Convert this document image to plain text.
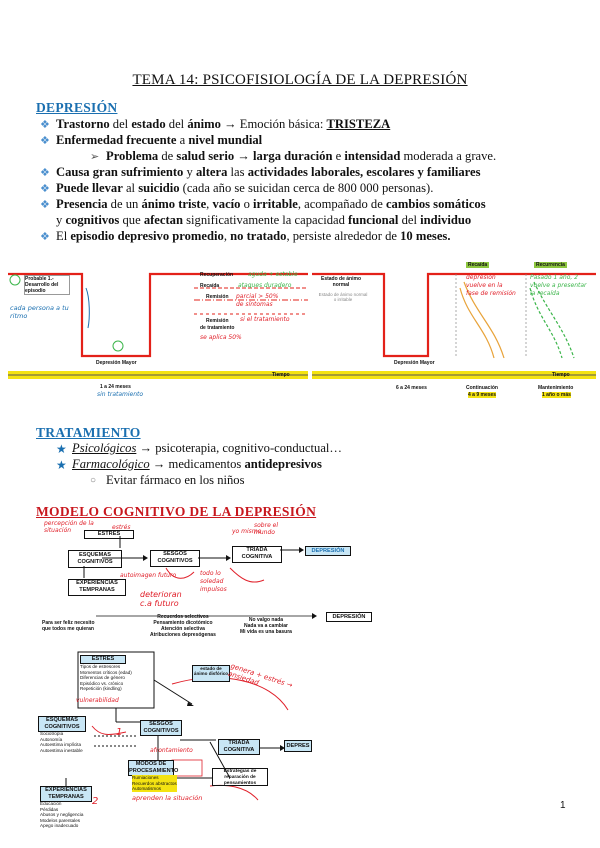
TEMA 14: PSICOFISIOLOGÍA DE LA DEPRESIÓN
DEPRESIÓN
❖ Trastorno del estado del ánimo → Emoción básica: TRISTEZA
❖ Enfermedad frecuente a nivel mundial
➢ Problema de salud serio → larga duración e intensidad moderada a grave.
❖ Causa gran sufrimiento y altera las actividades laborales, escolares y familiares
❖ Puede llevar al suicidio (cada año se suicidan cerca de 800 000 personas).
❖ Presencia de un ánimo triste, vacío o irritable, acompañado de cambios somáticos
y cognitivos que afectan significativamente la capacidad funcional del individuo
❖ El episodio depresivo promedio, no tratado, persiste alrededor de 10 meses.
Probable 1.- Desarrollo del episodio
cada persona a tu ritmo
Depresión Mayor
1 a 24 meses
sin tratamiento
Recuperación aguda + estable
Recaída	ataques duradero
Remisión parcial > 50%
de síntomas
Remisión
de tratamiento
si el tratamiento
se aplica 50%
Tiempo
Estado de ánimo normal
Estado de ánimo normal o irritable
Recaída	Recurrencia
depresión vuelve en la fase de remisión
Pasado 1 año, 2 vuelve a presentar la recaída
Depresión Mayor
Tiempo
6 a 24 meses	Continuación
4 a 9 meses
Mantenimiento
1 año o más
TRATAMIENTO
★ Psicológicos → psicoterapia, cognitivo-conductual…
★ Farmacológico → medicamentos antidepresivos
○ Evitar fármaco en los niños
MODELO COGNITIVO DE LA DEPRESIÓN
ESTRÉS
ESQUEMAS COGNITIVOS
SESGOS COGNITIVOS
TRIADA COGNITIVA
DEPRESIÓN
EXPERIENCIAS TEMPRANAS
percepción de la situación	yo mismo
estrés	sobre el mundo
autoimagen futuro
deterioran c.a futuro
todo lo soledad impulsos
Para ser feliz necesito
que todos me quieran
Recuerdos selectivos
Pensamiento dicotómico
Atención selectiva
Atribuciones depresógenas
No valgo nada
Nada va a cambiar
Mi vida es una basura
DEPRESIÓN
ESTRÉS
Tipos de estresores
Momentos críticos (edad)
Diferencias de género
Episódico vs. crónico
Repetición (kindling)
estado de ánimo disfórico
ESQUEMAS COGNITIVOS
Sociotropía
Autonomía
Autoestima implícita
Autoestima inestable
SESGOS COGNITIVOS
MODOS DE PROCESAMIENTO
Rumiaciones
Recuerdos abstractos
Automatismos
TRIADA COGNITIVA
DEPRES
Estrategias de reparación de pensamientos
EXPERIENCIAS TEMPRANAS
Educación
Pérdidas
Abusos y negligencia
Modelos parentales
Apego inadecuado
genera + estrés → ansiedad
vulnerabilidad
afrontamiento
aprenden la situación
1
2	1
